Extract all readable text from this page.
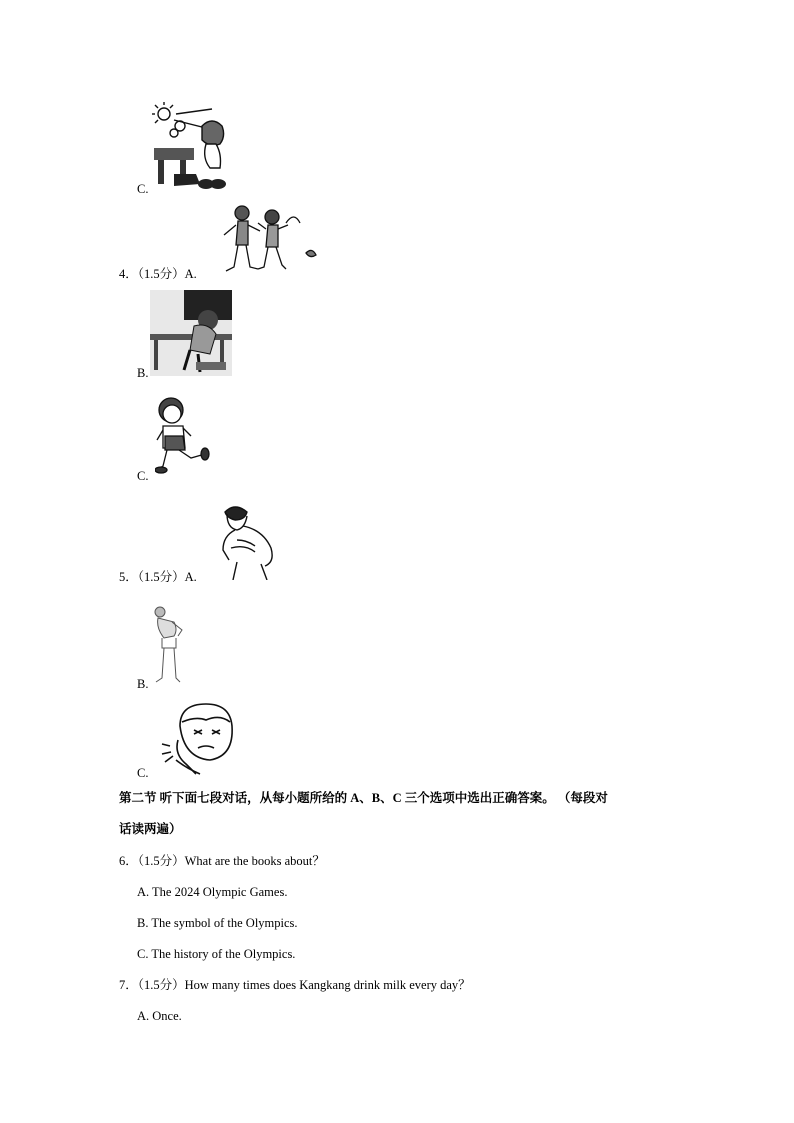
C.
4．（1.5分）A.
B.
C.
5．（1.5分）A.
B.
C.
第二节 听下面七段对话，从每小题所给的 A、B、C 三个选项中选出正确答案。 （每段对
话读两遍）
6．（1.5分）What are the books about？
A. The 2024 Olympic Games.
B. The symbol of the Olympics.
C. The history of the Olympics.
7．（1.5分）How many times does Kangkang drink milk every day？
A. Once.
